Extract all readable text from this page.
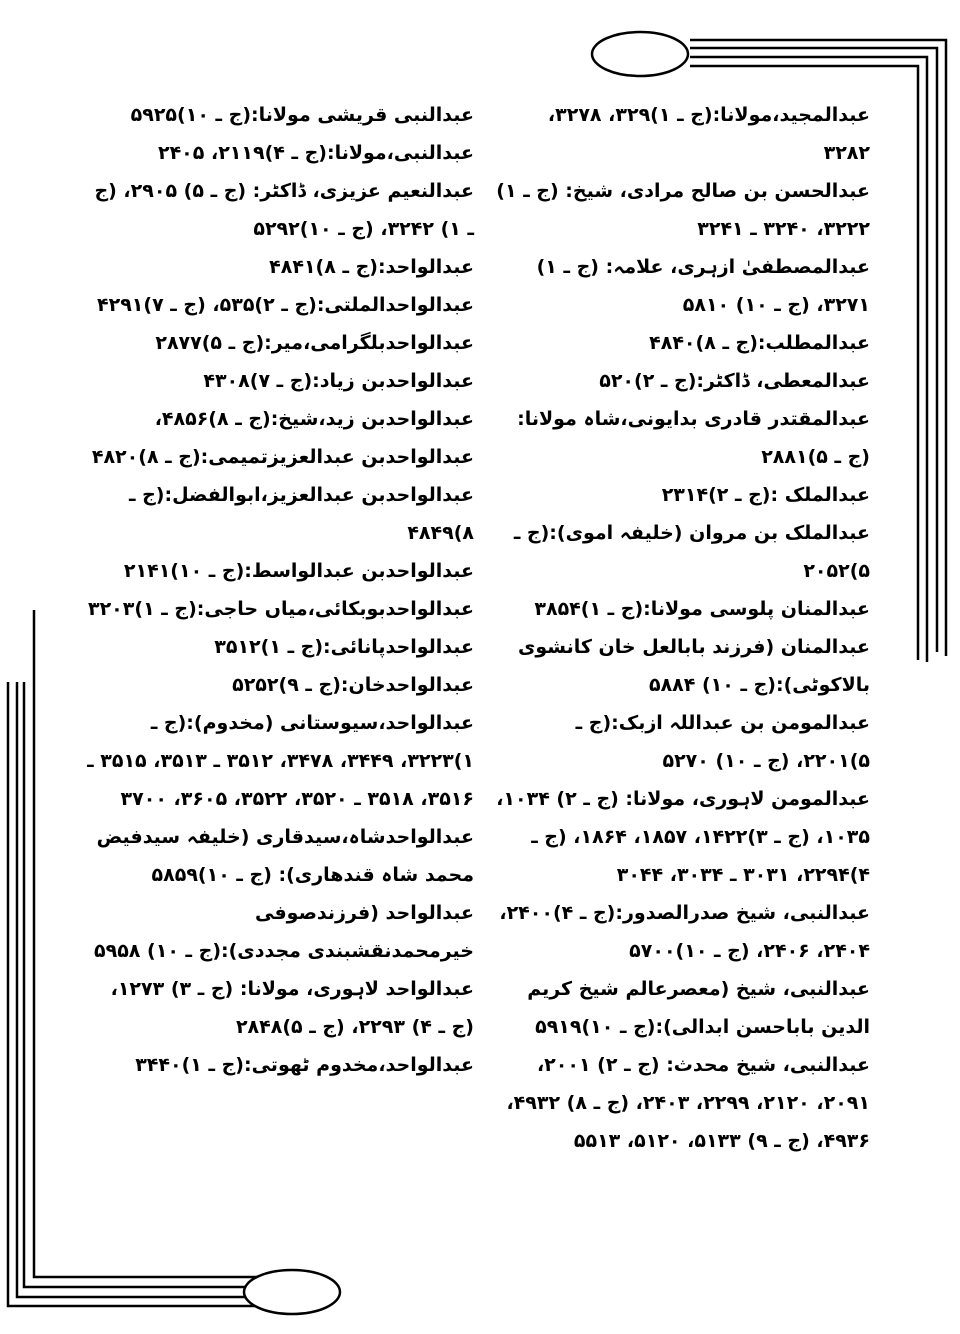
عبدالمجید،مولانا:(ج ـ ۱)۳۲۹، ۳۲۷۸، ۳۲۸۲
عبدالحسن بن صالح مرادی، شیخ: (ج ـ ۱) ۳۲۲۲، ۳۲۴۰ ـ ۳۲۴۱
عبدالمصطفیٰ ازہری، علامہ: (ج ـ ۱) ۳۲۷۱، (ج ـ ۱۰) ۵۸۱۰
عبدالمطلب:(ج ـ ۸)۴۸۴۰
عبدالمعطی، ڈاکٹر:(ج ـ ۲)۵۲۰
عبدالمقتدر قادری بدایونی،شاہ مولانا:(ج ـ ۵)۲۸۸۱
عبدالملک :(ج ـ ۲)۲۳۱۴
عبدالملک بن مروان (خلیفہ اموی):(ج ـ ۵)۲۰۵۲
عبدالمنان پلوسی مولانا:(ج ـ ۱)۳۸۵۴
عبدالمنان (فرزند بابالعل خان کانشوی بالاکوٹی):(ج ـ ۱۰) ۵۸۸۴
عبدالمومن بن عبداللہ ازبک:(ج ـ ۵)۲۲۰۱، (ج ـ ۱۰) ۵۲۷۰
عبدالمومن لاہوری، مولانا: (ج ـ ۲) ۱۰۳۴، ۱۰۳۵، (ج ـ ۳)۱۴۲۲، ۱۸۵۷، ۱۸۶۴، (ج ـ ۴)۲۲۹۴، ۳۰۳۱ ـ ۳۰۳۴، ۳۰۴۴
عبدالنبی، شیخ صدرالصدور:(ج ـ ۴)۲۴۰۰، ۲۴۰۴، ۲۴۰۶، (ج ـ ۱۰)۵۷۰۰
عبدالنبی، شیخ (معصرعالم شیخ کریم الدین باباحسن ابدالی):(ج ـ ۱۰)۵۹۱۹
عبدالنبی، شیخ محدث: (ج ـ ۲) ۲۰۰۱، ۲۰۹۱، ۲۱۲۰، ۲۲۹۹، ۲۴۰۳، (ج ـ ۸) ۴۹۳۲، ۴۹۳۶، (ج ـ ۹) ۵۱۳۳، ۵۱۲۰، ۵۵۱۳
عبدالنبی قریشی مولانا:(ج ـ ۱۰)۵۹۲۵
عبدالنبی،مولانا:(ج ـ ۴)۲۱۱۹، ۲۴۰۵
عبدالنعیم عزیزی، ڈاکٹر: (ج ـ ۵) ۲۹۰۵، (ج ـ ۱) ۳۲۴۲، (ج ـ ۱۰)۵۲۹۲
عبدالواحد:(ج ـ ۸)۴۸۴۱
عبدالواحدالملتی:(ج ـ ۲)۵۳۵، (ج ـ ۷)۴۲۹۱
عبدالواحدبلگرامی،میر:(ج ـ ۵)۲۸۷۷
عبدالواحدبن زیاد:(ج ـ ۷)۴۳۰۸
عبدالواحدبن زید،شیخ:(ج ـ ۸)۴۸۵۶،
عبدالواحدبن عبدالعزیزتمیمی:(ج ـ ۸)۴۸۲۰
عبدالواحدبن عبدالعزیز،ابوالفضل:(ج ـ ۸)۴۸۴۹
عبدالواحدبن عبدالواسط:(ج ـ ۱۰)۲۱۴۱
عبدالواحدبوبکائی،میاں حاجی:(ج ـ ۱)۳۲۰۳
عبدالواحدپانائی:(ج ـ ۱)۳۵۱۲
عبدالواحدخان:(ج ـ ۹)۵۲۵۲
عبدالواحد،سیوستانی (مخدوم):(ج ـ ۱)۳۲۲۳، ۳۴۴۹، ۳۴۷۸، ۳۵۱۲ ـ ۳۵۱۳، ۳۵۱۵ ـ ۳۵۱۶، ۳۵۱۸ ـ ۳۵۲۰، ۳۵۲۲، ۳۶۰۵، ۳۷۰۰
عبدالواحدشاہ،سیدقاری (خلیفہ سیدفیض محمد شاہ قندھاری): (ج ـ ۱۰)۵۸۵۹
عبدالواحد (فرزندصوفی خیرمحمدنقشبندی مجددی):(ج ـ ۱۰) ۵۹۵۸
عبدالواحد لاہوری، مولانا: (ج ـ ۳) ۱۲۷۳، (ج ـ ۴) ۲۲۹۳، (ج ـ ۵)۲۸۴۸
عبدالواحد،مخدوم ٹھوتی:(ج ـ ۱)۳۴۴۰
